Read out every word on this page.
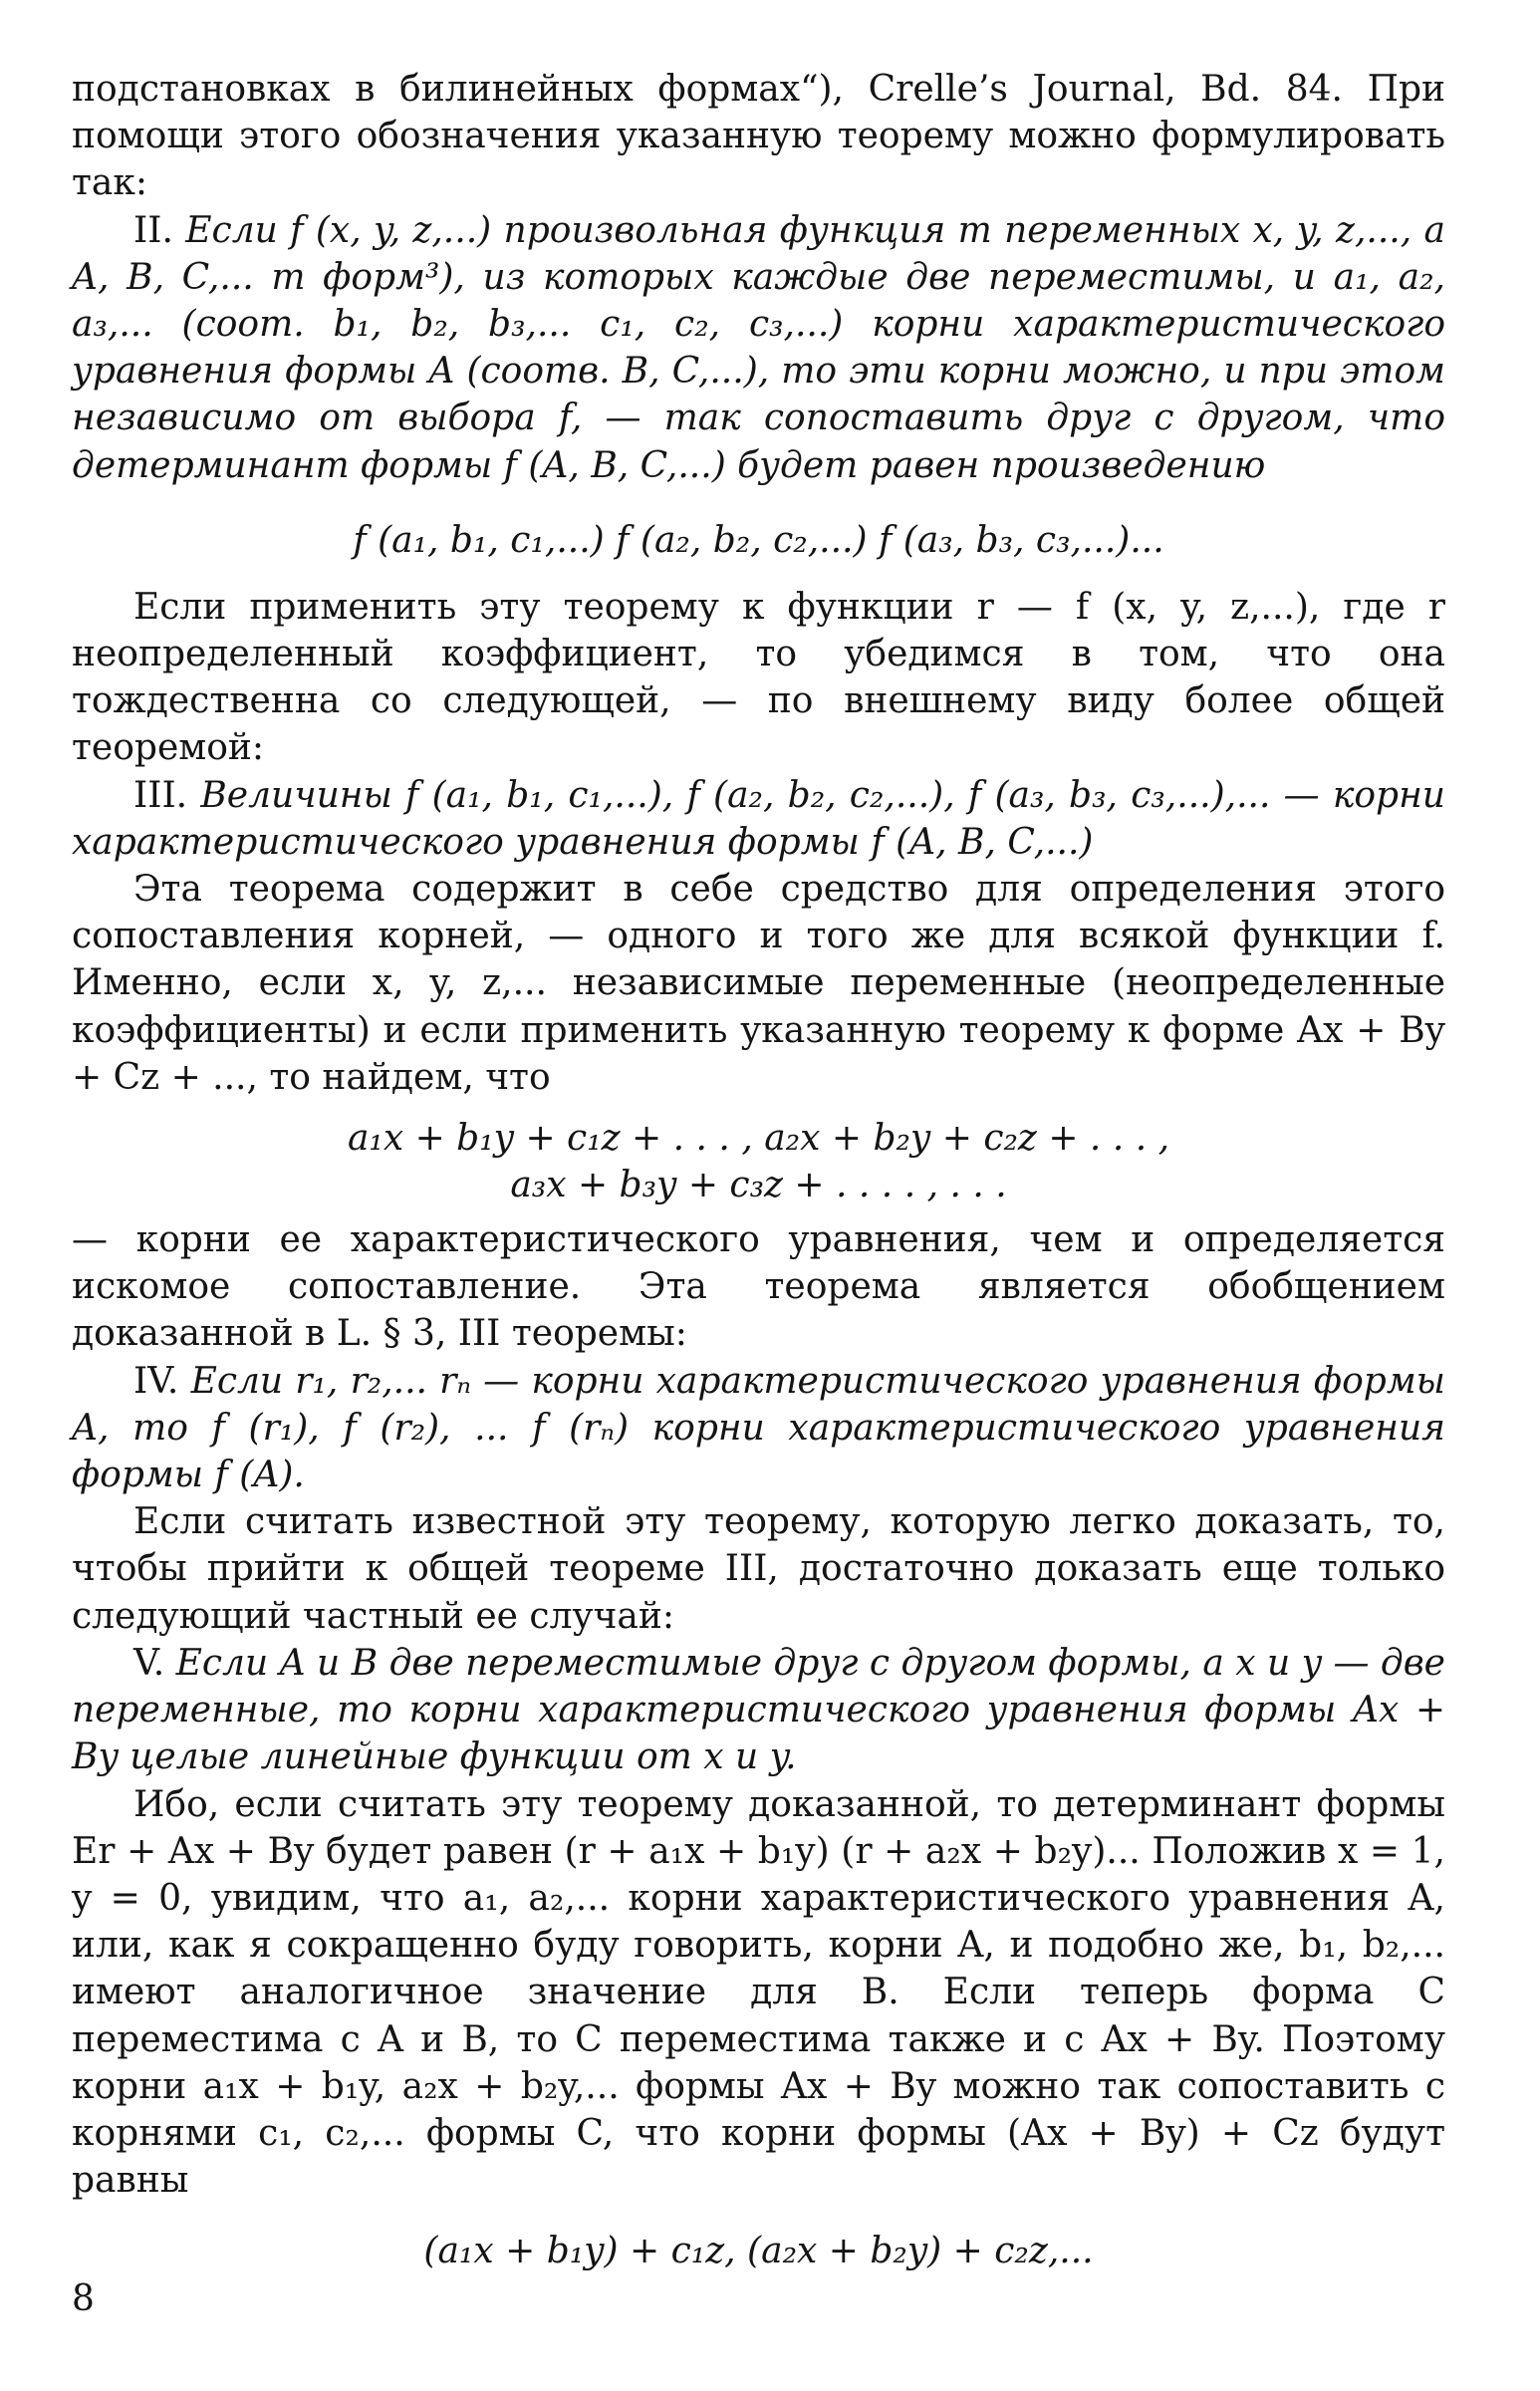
подстановках в билинейных формах“), Crelle’s Journal, Bd. 84. При помощи этого обозначения указанную теорему можно формулировать так:

II. Если f (x, y, z,...) произвольная функция m переменных x, y, z,..., а A, B, C,... m форм³), из которых каждые две переместимы, и a₁, a₂, a₃,... (соот. b₁, b₂, b₃,... c₁, c₂, c₃,...) корни характеристического уравнения формы A (соотв. B, C,...), то эти корни можно, и при этом независимо от выбора f, — так сопоставить друг с другом, что детерминант формы f (A, B, C,...) будет равен произведению

f (a₁, b₁, c₁,...) f (a₂, b₂, c₂,...) f (a₃, b₃, c₃,...)...

Если применить эту теорему к функции r — f (x, y, z,...), где r неопределенный коэффициент, то убедимся в том, что она тождественна со следующей, — по внешнему виду более общей теоремой:

III. Величины f (a₁, b₁, c₁,...), f (a₂, b₂, c₂,...), f (a₃, b₃, c₃,...),... — корни характеристического уравнения формы f (A, B, C,...)

Эта теорема содержит в себе средство для определения этого сопоставления корней, — одного и того же для всякой функции f. Именно, если x, y, z,... независимые переменные (неопределенные коэффициенты) и если применить указанную теорему к форме Ax + By + Cz + ..., то найдем, что

a₁x + b₁y + c₁z + . . . , a₂x + b₂y + c₂z + . . . ,

a₃x + b₃y + c₃z + . . . . , . . .

— корни ее характеристического уравнения, чем и определяется искомое сопоставление. Эта теорема является обобщением доказанной в L. § 3, III теоремы:

IV. Если r₁, r₂,... rₙ — корни характеристического уравнения формы A, то f (r₁), f (r₂), ... f (rₙ) корни характеристического уравнения формы f (A).

Если считать известной эту теорему, которую легко доказать, то, чтобы прийти к общей теореме III, достаточно доказать еще только следующий частный ее случай:

V. Если A и B две переместимые друг с другом формы, а x и y — две переменные, то корни характеристического уравнения формы Ax + By целые линейные функции от x и y.

Ибо, если считать эту теорему доказанной, то детерминант формы Er + Ax + By будет равен (r + a₁x + b₁y) (r + a₂x + b₂y)... Положив x = 1, y = 0, увидим, что a₁, a₂,... корни характеристического уравнения A, или, как я сокращенно буду говорить, корни A, и подобно же, b₁, b₂,... имеют аналогичное значение для B. Если теперь форма C переместима с A и B, то C переместима также и с Ax + By. Поэтому корни a₁x + b₁y, a₂x + b₂y,... формы Ax + By можно так сопоставить с корнями c₁, c₂,... формы C, что корни формы (Ax + By) + Cz будут равны

(a₁x + b₁y) + c₁z, (a₂x + b₂y) + c₂z,...

8
